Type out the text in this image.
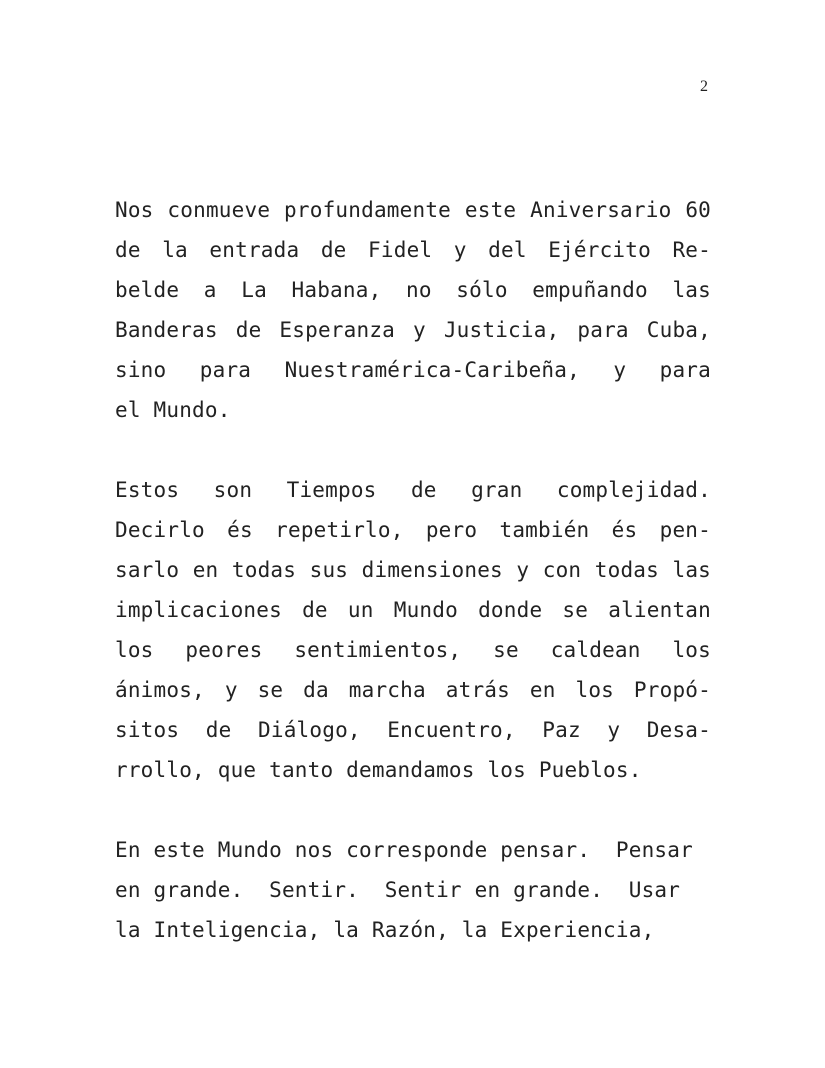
2
Nos conmueve profundamente este Aniversario 60
de la entrada de Fidel y del Ejército Re-
belde a La Habana, no sólo empuñando las
Banderas de Esperanza y Justicia, para Cuba,
sino para Nuestramérica-Caribeña, y para
el Mundo.
Estos son Tiempos de gran complejidad.
Decirlo és repetirlo, pero también és pen-
sarlo en todas sus dimensiones y con todas las
implicaciones de un Mundo donde se alientan
los peores sentimientos, se caldean los
ánimos, y se da marcha atrás en los Propó-
sitos de Diálogo, Encuentro, Paz y Desa-
rrollo, que tanto demandamos los Pueblos.
En este Mundo nos corresponde pensar.  Pensar
en grande.  Sentir.  Sentir en grande.  Usar
la Inteligencia, la Razón, la Experiencia,
